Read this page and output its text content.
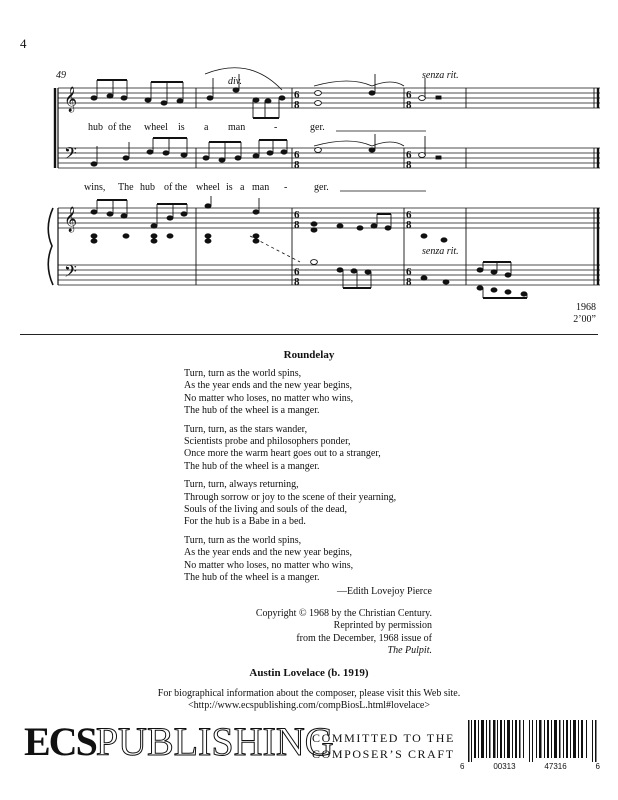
4
𝄞
𝄢
𝄞
𝄢
6
8
6
8
6
8
6
8
6
8
6
8
6
8
6
8
49
div.
senza rit.
senza rit.
hub of the wheel is a man	-	ger.
wins, The hub of the wheel is a man -	ger.
1968
2’00”
Roundelay
Turn, turn as the world spins,
As the year ends and the new year begins,
No matter who loses, no matter who wins,
The hub of the wheel is a manger.
Turn, turn, as the stars wander,
Scientists probe and philosophers ponder,
Once more the warm heart goes out to a stranger,
The hub of the wheel is a manger.
Turn, turn, always returning,
Through sorrow or joy to the scene of their yearning,
Souls of the living and souls of the dead,
For the hub is a Babe in a bed.
Turn, turn as the world spins,
As the year ends and the new year begins,
No matter who loses, no matter who wins,
The hub of the wheel is a manger.
—Edith Lovejoy Pierce
Copyright © 1968 by the Christian Century.
Reprinted by permission
from the December, 1968 issue of
The Pulpit.
Austin Lovelace (b. 1919)
For biographical information about the composer, please visit this Web site.
<http://www.ecspublishing.com/compBiosL.html#lovelace>
ECSPUBLISHING
COMMITTED TO THE
COMPOSER’S CRAFT
6	00313	47316	6
